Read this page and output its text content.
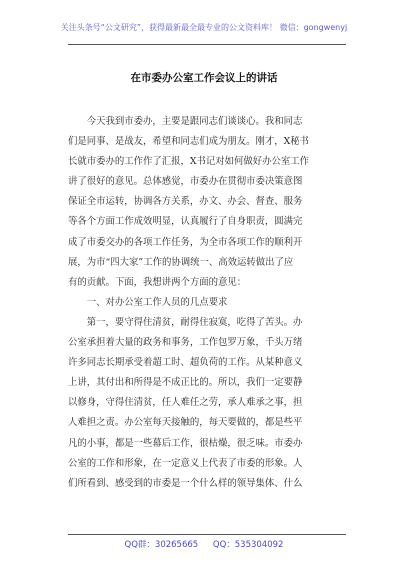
关注头条号“公文研究”，获得最新最全最专业的公文资料库！ 微信：gongwenyj
在市委办公室工作会议上的讲话
　　今天我到市委办，主要是跟同志们谈谈心。我和同志
们是同事、是战友，希望和同志们成为朋友。刚才，X秘书
长就市委办的工作作了汇报，X书记对如何做好办公室工作
讲了很好的意见。总体感觉，市委办在贯彻市委决策意图
保证全市运转，协调各方关系，办文、办会、督查、服务
等各个方面工作成效明显，认真履行了自身职责，圆满完
成了市委交办的各项工作任务，为全市各项工作的顺利开
展，为市“四大家”工作的协调统一、高效运转做出了应
有的贡献。下面，我想讲两个方面的意见：
　　一、对办公室工作人员的几点要求
　　第一，要守得住清贫，耐得住寂寞，吃得了苦头。办
公室承担着大量的政务和事务，工作包罗万象，千头万绪
许多同志长期承受着超工时、超负荷的工作。从某种意义
上讲，其付出和所得是不成正比的。所以，我们一定要静
以修身，守得住清贫，任人难任之劳，承人难承之事，担
人难担之责。办公室每天接触的，每天要做的，都是些平
凡的小事，都是一些幕后工作，很枯燥，很乏味。市委办
公室的工作和形象，在一定意义上代表了市委的形象。人
们所看到、感受到的市委是一个什么样的领导集体、什么
QQ群：30265665 QQ：535304092
